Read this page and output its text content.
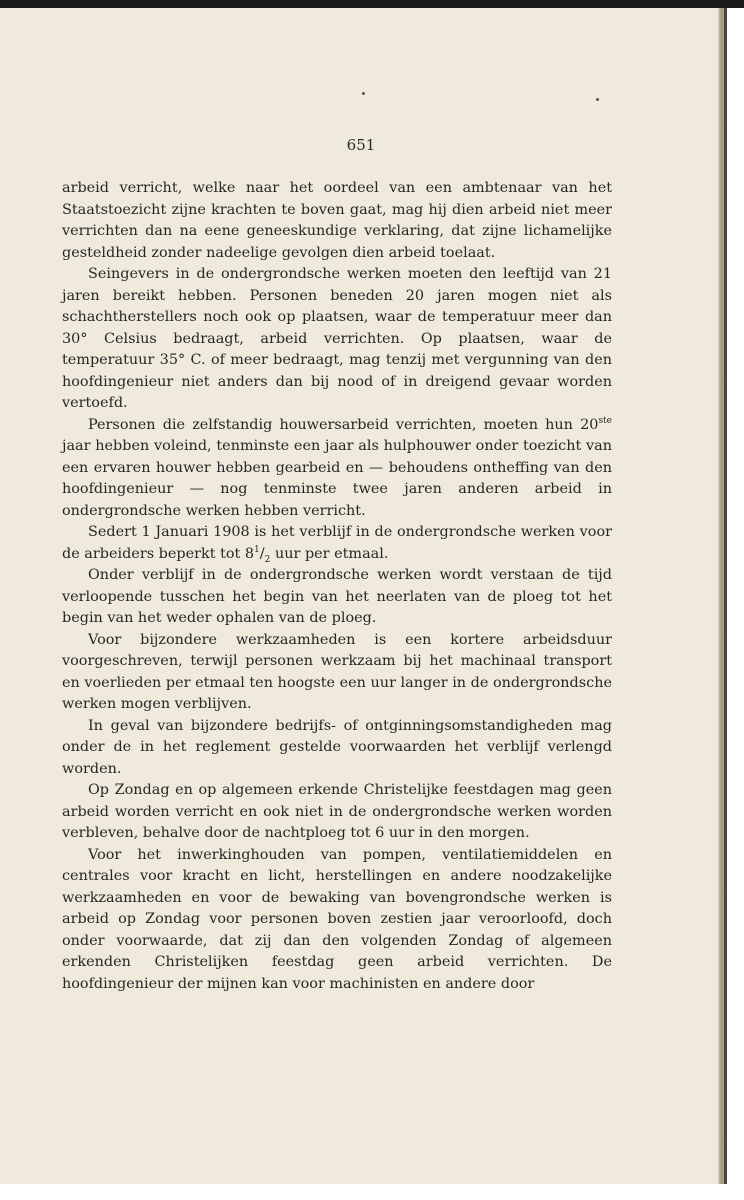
651

arbeid verricht, welke naar het oordeel van een ambtenaar van het Staatstoezicht zijne krachten te boven gaat, mag hij dien arbeid niet meer verrichten dan na eene geneeskundige verklaring, dat zijne lichamelijke gesteldheid zonder nadeelige gevolgen dien arbeid toelaat.

Seingevers in de ondergrondsche werken moeten den leeftijd van 21 jaren bereikt hebben. Personen beneden 20 jaren mogen niet als schachtherstellers noch ook op plaatsen, waar de temperatuur meer dan 30° Celsius bedraagt, arbeid verrichten. Op plaatsen, waar de temperatuur 35° C. of meer bedraagt, mag tenzij met vergunning van den hoofdingenieur niet anders dan bij nood of in dreigend gevaar worden vertoefd.

Personen die zelfstandig houwersarbeid verrichten, moeten hun 20ste jaar hebben voleind, tenminste een jaar als hulphouwer onder toezicht van een ervaren houwer hebben gearbeid en — behoudens ontheffing van den hoofdingenieur — nog tenminste twee jaren anderen arbeid in ondergrondsche werken hebben verricht.

Sedert 1 Januari 1908 is het verblijf in de ondergrondsche werken voor de arbeiders beperkt tot $8^1/_2$ uur per etmaal.

Onder verblijf in de ondergrondsche werken wordt verstaan de tijd verloopende tusschen het begin van het neerlaten van de ploeg tot het begin van het weder ophalen van de ploeg.

Voor bijzondere werkzaamheden is een kortere arbeidsduur voorgeschreven, terwijl personen werkzaam bij het machinaal transport en voerlieden per etmaal ten hoogste een uur langer in de ondergrondsche werken mogen verblijven.

In geval van bijzondere bedrijfs- of ontginningsomstandigheden mag onder de in het reglement gestelde voorwaarden het verblijf verlengd worden.

Op Zondag en op algemeen erkende Christelijke feestdagen mag geen arbeid worden verricht en ook niet in de ondergrondsche werken worden verbleven, behalve door de nachtploeg tot 6 uur in den morgen.

Voor het inwerkinghouden van pompen, ventilatiemiddelen en centrales voor kracht en licht, herstellingen en andere noodzakelijke werkzaamheden en voor de bewaking van bovengrondsche werken is arbeid op Zondag voor personen boven zestien jaar veroorloofd, doch onder voorwaarde, dat zij dan den volgenden Zondag of algemeen erkenden Christelijken feestdag geen arbeid verrichten. De hoofdingenieur der mijnen kan voor machinisten en andere door
